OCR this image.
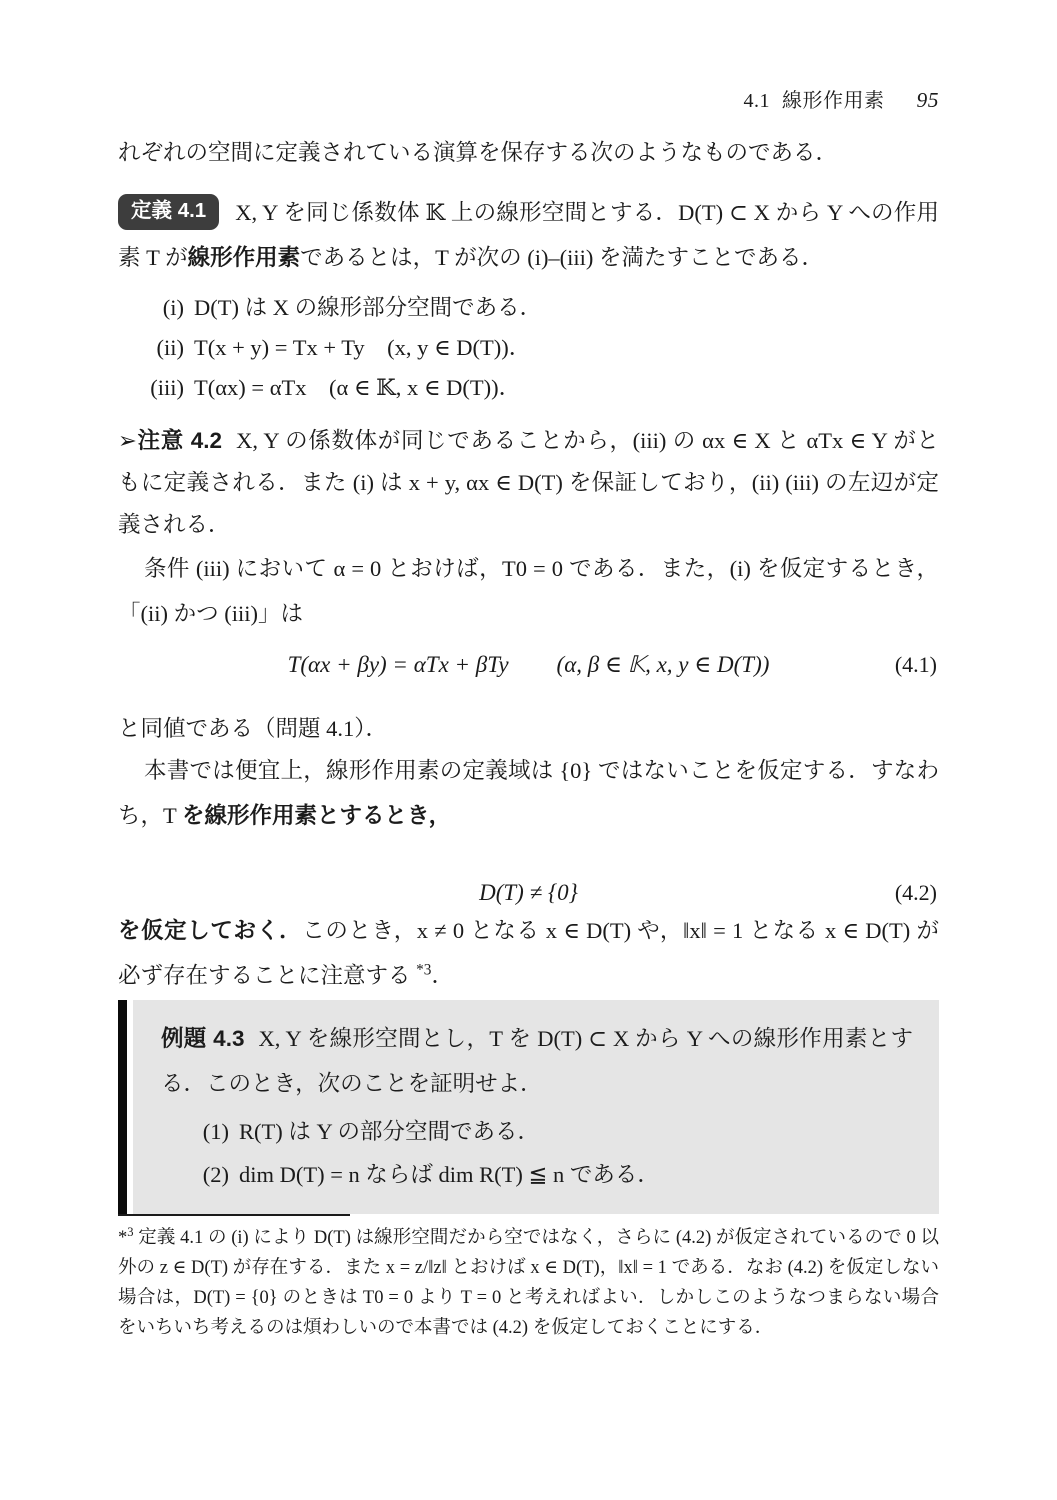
4.1 線形作用素 95
れぞれの空間に定義されている演算を保存する次のようなものである．
定義 4.1 X, Y を同じ係数体 𝕂 上の線形空間とする．D(T) ⊂ X から Y への作用素 T が線形作用素であるとは，T が次の (i)–(iii) を満たすことである．
(i) D(T) は X の線形部分空間である．
(ii) T(x + y) = Tx + Ty　(x, y ∈ D(T))．
(iii) T(αx) = αTx　(α ∈ 𝕂, x ∈ D(T))．
➢注意 4.2 X, Y の係数体が同じであることから，(iii) の αx ∈ X と αTx ∈ Y がともに定義される．また (i) は x + y, αx ∈ D(T) を保証しており，(ii) (iii) の左辺が定義される．
条件 (iii) において α = 0 とおけば，T0 = 0 である．また，(i) を仮定するとき，「(ii) かつ (iii)」は
T(αx + βy) = αTx + βTy (α, β ∈ 𝕂, x, y ∈ D(T))	(4.1)
と同値である（問題 4.1）．
本書では便宜上，線形作用素の定義域は {0} ではないことを仮定する．すなわち，T を線形作用素とするとき，
D(T) ≠ {0}	(4.2)
を仮定しておく．このとき，x ≠ 0 となる x ∈ D(T) や，‖x‖ = 1 となる x ∈ D(T) が必ず存在することに注意する $^{*3}$．
例題 4.3 X, Y を線形空間とし，T を D(T) ⊂ X から Y への線形作用素とする．このとき，次のことを証明せよ．
(1) R(T) は Y の部分空間である．
(2) dim D(T) = n ならば dim R(T) ≦ n である．
*$^3$ 定義 4.1 の (i) により D(T) は線形空間だから空ではなく，さらに (4.2) が仮定されているので 0 以外の z ∈ D(T) が存在する．また x = z/‖z‖ とおけば x ∈ D(T)，‖x‖ = 1 である．なお (4.2) を仮定しない場合は，D(T) = {0} のときは T0 = 0 より T = 0 と考えればよい．しかしこのようなつまらない場合をいちいち考えるのは煩わしいので本書では (4.2) を仮定しておくことにする．
